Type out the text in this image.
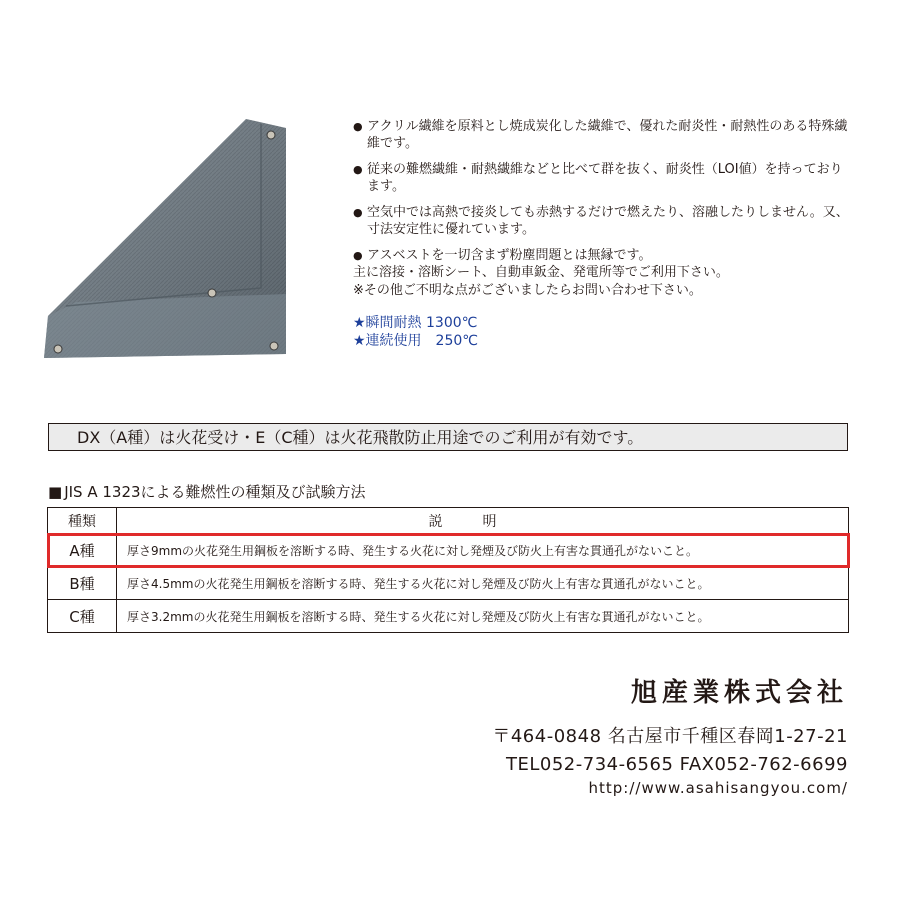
● アクリル繊維を原料とし焼成炭化した繊維で、優れた耐炎性・耐熱性のある特殊繊維です。
● 従来の難燃繊維・耐熱繊維などと比べて群を抜く、耐炎性（LOI値）を持っております。
● 空気中では高熱で接炎しても赤熱するだけで燃えたり、溶融したりしません。又、寸法安定性に優れています。
● アスベストを一切含まず粉塵問題とは無縁です。
主に溶接・溶断シート、自動車鈑金、発電所等でご利用下さい。
※その他ご不明な点がございましたらお問い合わせ下さい。
★瞬間耐熱 1300℃
★連続使用　250℃
DX（A種）は火花受け・E（C種）は火花飛散防止用途でのご利用が有効です。
■ JIS A 1323による難燃性の種類及び試験方法
種類	説明
A種	厚さ9mmの火花発生用鋼板を溶断する時、発生する火花に対し発煙及び防火上有害な貫通孔がないこと。
B種	厚さ4.5mmの火花発生用鋼板を溶断する時、発生する火花に対し発煙及び防火上有害な貫通孔がないこと。
C種	厚さ3.2mmの火花発生用鋼板を溶断する時、発生する火花に対し発煙及び防火上有害な貫通孔がないこと。
旭産業株式会社
〒464-0848 名古屋市千種区春岡1-27-21
TEL052-734-6565 FAX052-762-6699
http://www.asahisangyou.com/
